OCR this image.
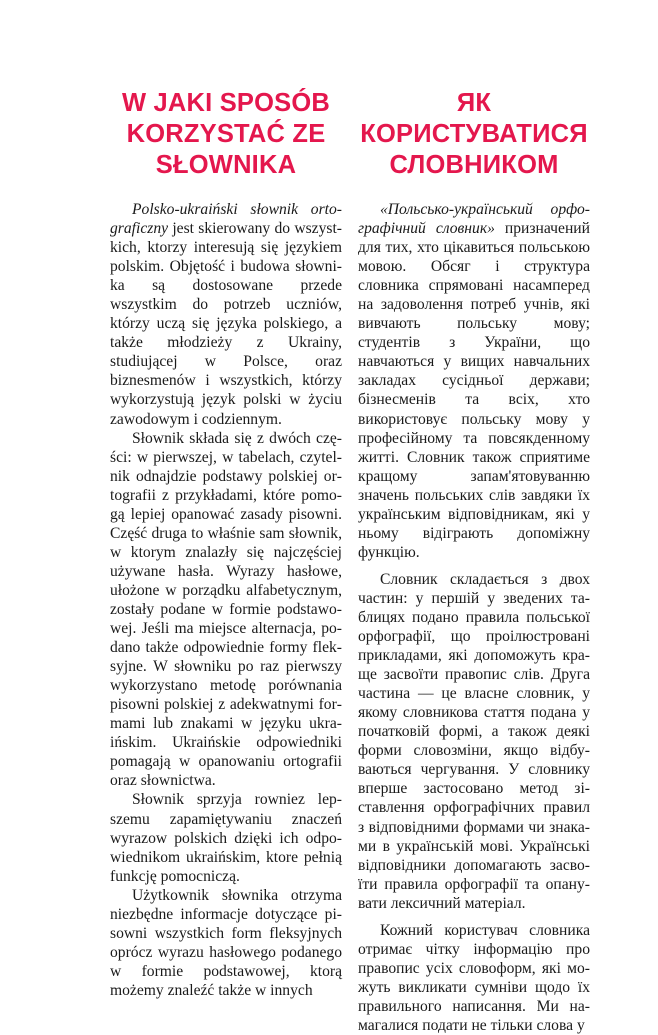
W JAKI SPOSÓB
KORZYSTAĆ ZE
SŁOWNIKA

Polsko-ukraiński słownik ortograficzny jest skierowany do wszystkich, ktorzy interesują się językiem polskim. Objętość i budowa słownika są dostosowane przede wszystkim do potrzeb uczniów, którzy uczą się języka polskiego, a także młodzieży z Ukrainy, studiującej w Polsce, oraz biznesmenów i wszystkich, którzy wykorzystują język polski w życiu zawodowym i codziennym.

Słownik składa się z dwóch części: w pierwszej, w tabelach, czytelnik odnajdzie podstawy polskiej ortografii z przykładami, które pomogą lepiej opanować zasady pisowni. Część druga to właśnie sam słownik, w ktorym znalazły się najczęściej używane hasła. Wyrazy hasłowe, ułożone w porządku alfabetycznym, zostały podane w formie podstawowej. Jeśli ma miejsce alternacja, podano także odpowiednie formy fleksyjne. W słowniku po raz pierwszy wykorzystano metodę porównania pisowni polskiej z adekwatnymi formami lub znakami w języku ukraińskim. Ukraińskie odpowiedniki pomagają w opanowaniu ortografii oraz słownictwa.

Słownik sprzyja rowniez lepszemu zapamiętywaniu znaczeń wyrazow polskich dzięki ich odpowiednikom ukraińskim, ktore pełnią funkcję pomocniczą.

Użytkownik słownika otrzyma niezbędne informacje dotyczące pisowni wszystkich form fleksyjnych oprócz wyrazu hasłowego podanego w formie podstawowej, ktorą możemy znaleźć także w innych

ЯК
КОРИСТУВАТИСЯ
СЛОВНИКОМ

«Польсько-український орфографічний словник» призначений для тих, хто цікавиться польською мовою. Обсяг і структура словника спрямовані насамперед на задоволення потреб учнів, які вивчають польську мову; студентів з України, що навчаються у вищих навчальних закладах сусідньої держави; бізнесменів та всіх, хто використовує польську мову у професійному та повсякденному житті. Словник також сприятиме кращому запам'ятовуванню значень польських слів завдяки їх українським відповідникам, які у ньому відіграють допоміжну функцію.

Словник складається з двох частин: у першій у зведених таблицях подано правила польської орфографії, що проілюстровані прикладами, які допоможуть краще засвоїти правопис слів. Друга частина — це власне словник, у якому словникова стаття подана у початковій формі, а також деякі форми словозміни, якщо відбуваються чергування. У словнику вперше застосовано метод зіставлення орфографічних правил з відповідними формами чи знаками в українській мові. Українські відповідники допомагають засвоїти правила орфографії та опанувати лексичний матеріал.

Кожний користувач словника отримає чітку інформацію про правопис усіх словоформ, які можуть викликати сумніви щодо їх правильного написання. Ми намагалися подати не тільки слова у
